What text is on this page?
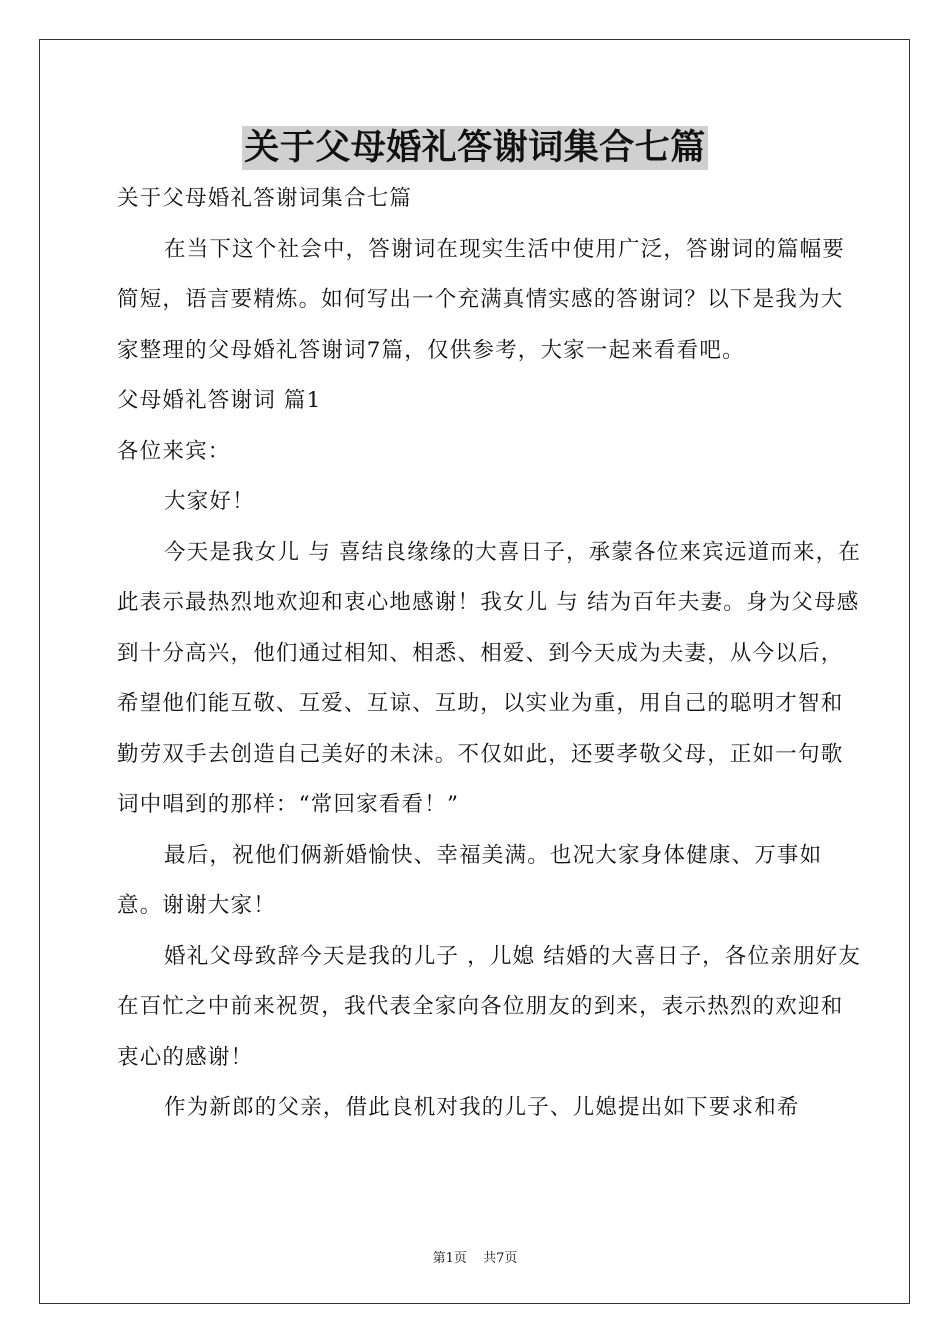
关于父母婚礼答谢词集合七篇

关于父母婚礼答谢词集合七篇

在当下这个社会中，答谢词在现实生活中使用广泛，答谢词的篇幅要简短，语言要精炼。如何写出一个充满真情实感的答谢词？以下是我为大家整理的父母婚礼答谢词7篇，仅供参考，大家一起来看看吧。

父母婚礼答谢词 篇1

各位来宾：

大家好！

今天是我女儿 与 喜结良缘缘的大喜日子，承蒙各位来宾远道而来，在此表示最热烈地欢迎和衷心地感谢！我女儿 与 结为百年夫妻。身为父母感到十分高兴，他们通过相知、相悉、相爱、到今天成为夫妻，从今以后，希望他们能互敬、互爱、互谅、互助，以实业为重，用自己的聪明才智和勤劳双手去创造自己美好的未沬。不仅如此，还要孝敬父母，正如一句歌词中唱到的那样：“常回家看看！”

最后，祝他们俩新婚愉快、幸福美满。也况大家身体健康、万事如意。谢谢大家！

婚礼父母致辞今天是我的儿子 ，儿媳 结婚的大喜日子，各位亲朋好友在百忙之中前来祝贺，我代表全家向各位朋友的到来，表示热烈的欢迎和衷心的感谢！

作为新郎的父亲，借此良机对我的儿子、儿媳提出如下要求和希

第1页 共7页
